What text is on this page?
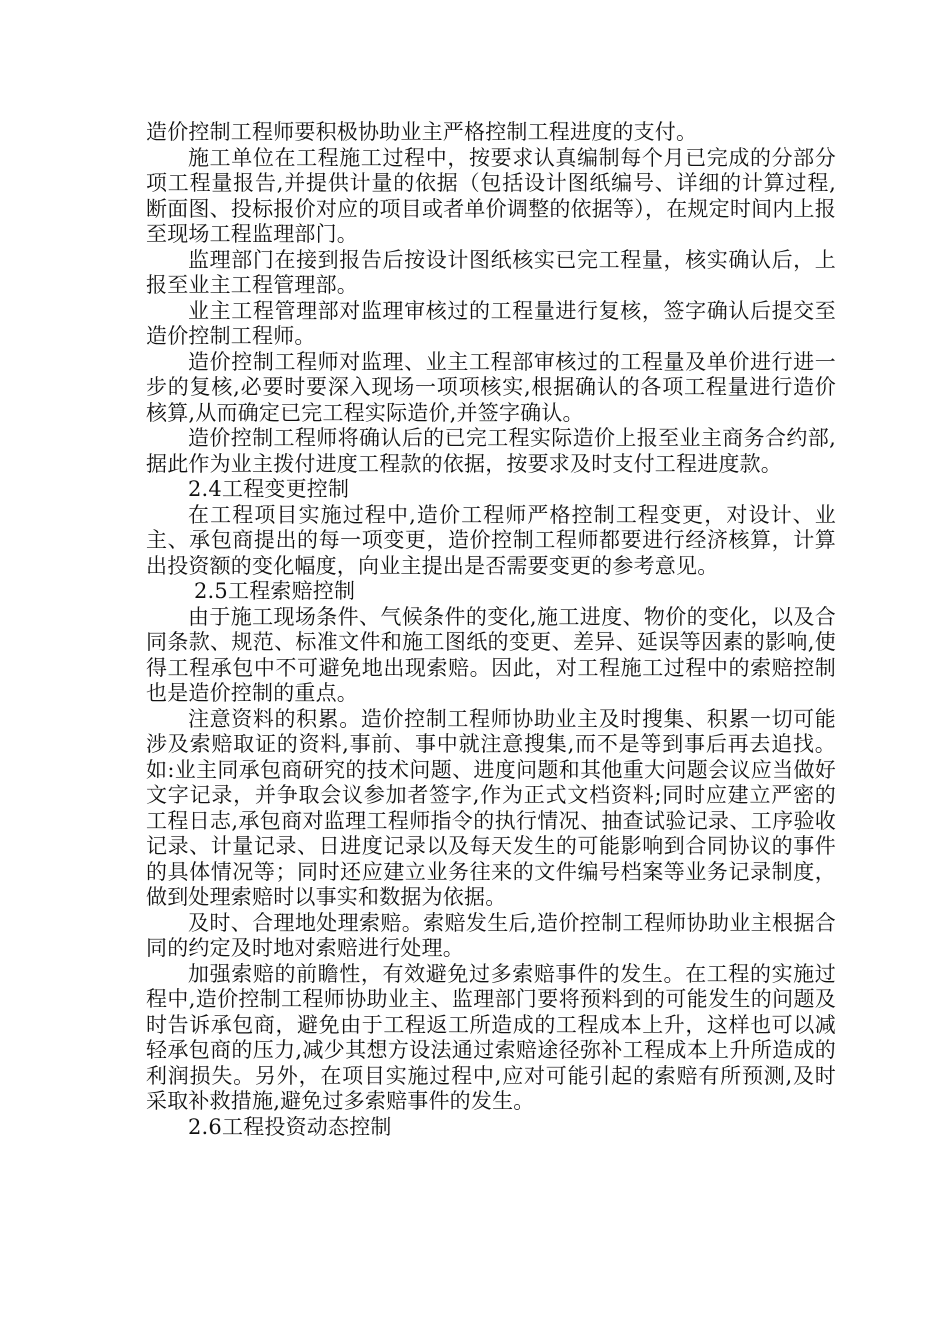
造价控制工程师要积极协助业主严格控制工程进度的支付。

施工单位在工程施工过程中，按要求认真编制每个月已完成的分部分项工程量报告,并提供计量的依据（包括设计图纸编号、详细的计算过程,断面图、投标报价对应的项目或者单价调整的依据等），在规定时间内上报至现场工程监理部门。

监理部门在接到报告后按设计图纸核实已完工程量，核实确认后，上报至业主工程管理部。

业主工程管理部对监理审核过的工程量进行复核，签字确认后提交至造价控制工程师。

造价控制工程师对监理、业主工程部审核过的工程量及单价进行进一步的复核,必要时要深入现场一项项核实,根据确认的各项工程量进行造价核算,从而确定已完工程实际造价,并签字确认。

造价控制工程师将确认后的已完工程实际造价上报至业主商务合约部,据此作为业主拨付进度工程款的依据，按要求及时支付工程进度款。

2.4工程变更控制

在工程项目实施过程中,造价工程师严格控制工程变更，对设计、业主、承包商提出的每一项变更，造价控制工程师都要进行经济核算，计算出投资额的变化幅度，向业主提出是否需要变更的参考意见。

2.5工程索赔控制

由于施工现场条件、气候条件的变化,施工进度、物价的变化，以及合同条款、规范、标准文件和施工图纸的变更、差异、延误等因素的影响,使得工程承包中不可避免地出现索赔。因此，对工程施工过程中的索赔控制也是造价控制的重点。

注意资料的积累。造价控制工程师协助业主及时搜集、积累一切可能涉及索赔取证的资料,事前、事中就注意搜集,而不是等到事后再去追找。如:业主同承包商研究的技术问题、进度问题和其他重大问题会议应当做好文字记录，并争取会议参加者签字,作为正式文档资料;同时应建立严密的工程日志,承包商对监理工程师指令的执行情况、抽查试验记录、工序验收记录、计量记录、日进度记录以及每天发生的可能影响到合同协议的事件的具体情况等；同时还应建立业务往来的文件编号档案等业务记录制度，做到处理索赔时以事实和数据为依据。

及时、合理地处理索赔。索赔发生后,造价控制工程师协助业主根据合同的约定及时地对索赔进行处理。

加强索赔的前瞻性，有效避免过多索赔事件的发生。在工程的实施过程中,造价控制工程师协助业主、监理部门要将预料到的可能发生的问题及时告诉承包商，避免由于工程返工所造成的工程成本上升，这样也可以减轻承包商的压力,减少其想方设法通过索赔途径弥补工程成本上升所造成的利润损失。另外，在项目实施过程中,应对可能引起的索赔有所预测,及时采取补救措施,避免过多索赔事件的发生。

2.6工程投资动态控制
